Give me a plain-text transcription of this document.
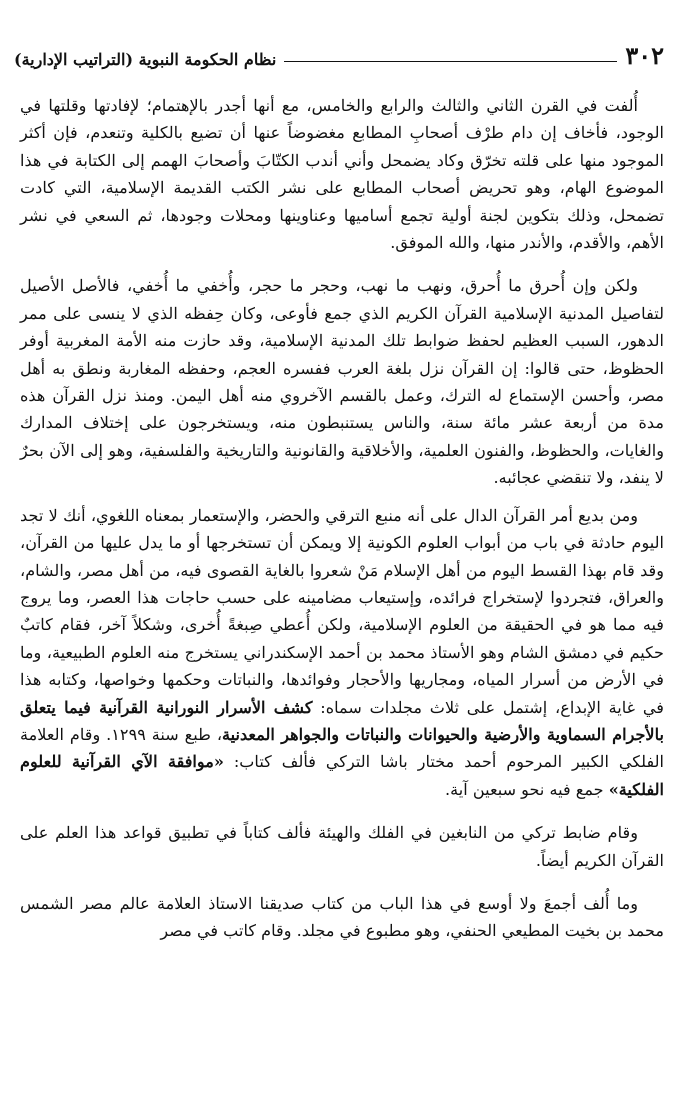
٣٠٢
نظام الحكومة النبوية (التراتيب الإدارية)

أُلفت في القرن الثاني والثالث والرابع والخامس، مع أنها أجدر بالإهتمام؛ لإفادتها وقلتها في الوجود، فأخاف إن دام طرْف أصحابِ المطابع مغضوضاً عنها أن تضيع بالكلية وتنعدم، فإن أكثر الموجود منها على قلته تخرّق وكاد يضمحل وأني أندب الكتّابَ وأصحابَ الهمم إلى الكتابة في هذا الموضوع الهام، وهو تحريض أصحاب المطابع على نشر الكتب القديمة الإسلامية، التي كادت تضمحل، وذلك بتكوين لجنة أولية تجمع أساميها وعناوينها ومحلات وجودها، ثم السعي في نشر الأهم، والأقدم، والأندر منها، والله الموفق.

ولكن وإن أُحرق ما أُحرق، ونهب ما نهب، وحجر ما حجر، وأُخفي ما أُخفي، فالأصل الأصيل لتفاصيل المدنية الإسلامية القرآن الكريم الذي جمع فأوعى، وكان حِفظه الذي لا ينسى على ممر الدهور، السبب العظيم لحفظ ضوابط تلك المدنية الإسلامية، وقد حازت منه الأمة المغربية أوفر الحظوظ، حتى قالوا: إن القرآن نزل بلغة العرب ففسره العجم، وحفظه المغاربة ونطق به أهل مصر، وأحسن الإستماع له الترك، وعمل بالقسم الآخروي منه أهل اليمن. ومنذ نزل القرآن هذه مدة من أربعة عشر مائة سنة، والناس يستنبطون منه، ويستخرجون على إختلاف المدارك والغايات، والحظوظ، والفنون العلمية، والأخلاقية والقانونية والتاريخية والفلسفية، وهو إلى الآن بحرٌ لا ينفد، ولا تنقضي عجائبه.

ومن بديع أمر القرآن الدال على أنه منبع الترقي والحضر، والإستعمار بمعناه اللغوي، أنك لا تجد اليوم حادثة في باب من أبواب العلوم الكونية إلا ويمكن أن تستخرجها أو ما يدل عليها من القرآن، وقد قام بهذا القسط اليوم من أهل الإسلام مَنْ شعروا بالغاية القصوى فيه، من أهل مصر، والشام، والعراق، فتجردوا لإستخراج فرائده، وإستيعاب مضامينه على حسب حاجات هذا العصر، وما يروج فيه مما هو في الحقيقة من العلوم الإسلامية، ولكن أُعطي صِبغةً أُخرى، وشكلاً آخر، فقام كاتبٌ حكيم في دمشق الشام وهو الأستاذ محمد بن أحمد الإسكندراني يستخرج منه العلوم الطبيعية، وما في الأرض من أسرار المياه، ومجاريها والأحجار وفوائدها، والنباتات وحكمها وخواصها، وكتابه هذا في غاية الإبداع، إشتمل على ثلاث مجلدات سماه: كشف الأسرار النورانية القرآنية فيما يتعلق بالأجرام السماوية والأرضية والحيوانات والنباتات والجواهر المعدنية، طبع سنة ١٢٩٩. وقام العلامة الفلكي الكبير المرحوم أحمد مختار باشا التركي فألف كتاب: «موافقة الآي القرآنية للعلوم الفلكية» جمع فيه نحو سبعين آية.

وقام ضابط تركي من النابغين في الفلك والهيئة فألف كتاباً في تطبيق قواعد هذا العلم على القرآن الكريم أيضاً.

وما أُلف أجمعَ ولا أوسع في هذا الباب من كتاب صديقنا الاستاذ العلامة عالم مصر الشمس محمد بن بخيت المطيعي الحنفي، وهو مطبوع في مجلد. وقام كاتب في مصر
